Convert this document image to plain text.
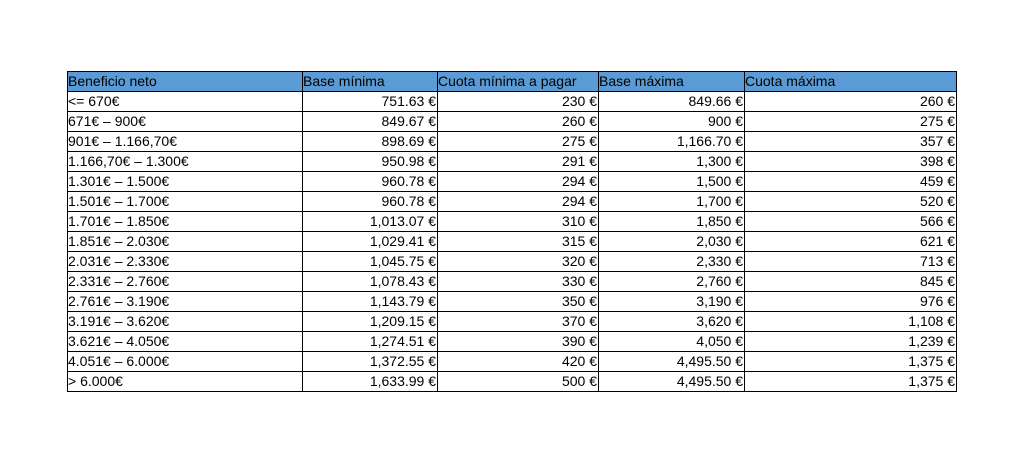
Beneficio neto	Base mínima	Cuota mínima a pagar	Base máxima	Cuota máxima
<= 670€	751.63 €	230 €	849.66 €	260 €
671€ – 900€	849.67 €	260 €	900 €	275 €
901€ – 1.166,70€	898.69 €	275 €	1,166.70 €	357 €
1.166,70€ – 1.300€	950.98 €	291 €	1,300 €	398 €
1.301€ – 1.500€	960.78 €	294 €	1,500 €	459 €
1.501€ – 1.700€	960.78 €	294 €	1,700 €	520 €
1.701€ – 1.850€	1,013.07 €	310 €	1,850 €	566 €
1.851€ – 2.030€	1,029.41 €	315 €	2,030 €	621 €
2.031€ – 2.330€	1,045.75 €	320 €	2,330 €	713 €
2.331€ – 2.760€	1,078.43 €	330 €	2,760 €	845 €
2.761€ – 3.190€	1,143.79 €	350 €	3,190 €	976 €
3.191€ – 3.620€	1,209.15 €	370 €	3,620 €	1,108 €
3.621€ – 4.050€	1,274.51 €	390 €	4,050 €	1,239 €
4.051€ – 6.000€	1,372.55 €	420 €	4,495.50 €	1,375 €
> 6.000€	1,633.99 €	500 €	4,495.50 €	1,375 €
